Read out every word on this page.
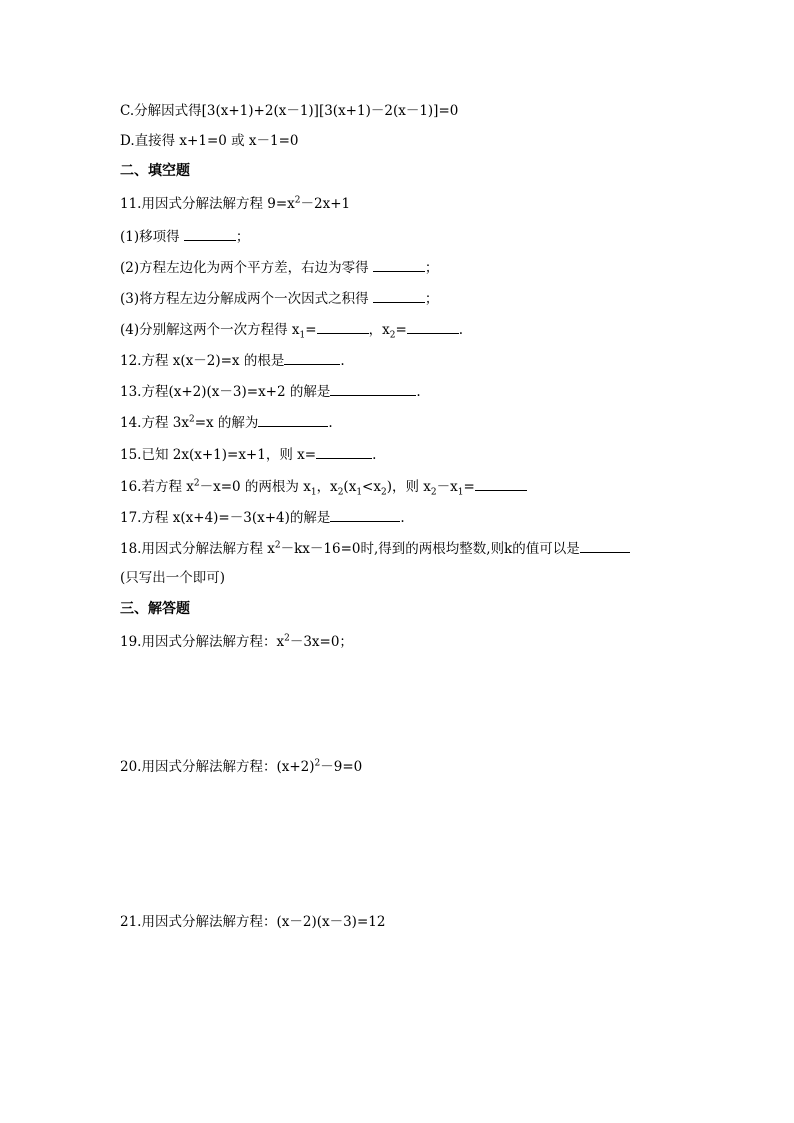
C.分解因式得[3(x+1)+2(x－1)][3(x+1)－2(x－1)]=0
D.直接得 x+1=0 或 x－1=0
二、填空题
11.用因式分解法解方程 $9=x^2-2x+1$
(1)移项得	；
(2)方程左边化为两个平方差，右边为零得	；
(3)将方程左边分解成两个一次因式之积得	；
(4)分别解这两个一次方程得 $x_1=$	，$x_2=$	.
12.方程 x(x－2)=x 的根是	.
13.方程(x+2)(x－3)=x+2 的解是	.
14.方程 $3x^2=x$ 的解为	.
15.已知 2x(x+1)=x+1，则 x=	.
16.若方程 $x^2-x=0$ 的两根为 $x_1$，$x_2(x_1<x_2)$，则 $x_2-x_1=$
17.方程 x(x+4)=－3(x+4)的解是	.
18.用因式分解法解方程 $x^2-kx-16=0$时,得到的两根均整数,则k的值可以是
(只写出一个即可)
三、解答题
19.用因式分解法解方程：$x^2-3x=0$；
20.用因式分解法解方程：$(x+2)^2-9=0$
21.用因式分解法解方程：(x－2)(x－3)=12
